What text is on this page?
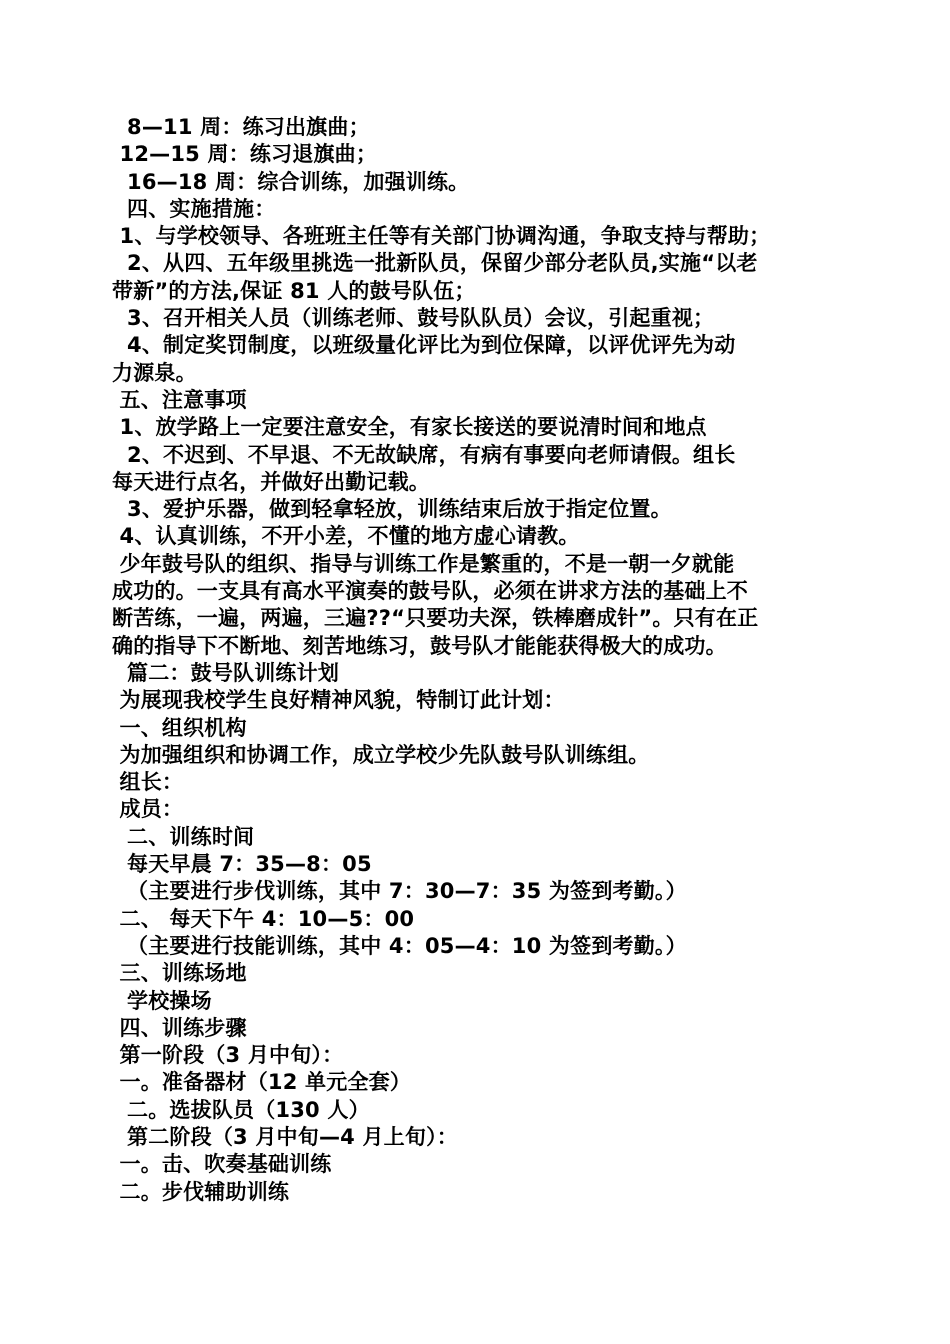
8—11 周：练习出旗曲；
12—15 周：练习退旗曲；
16—18 周：综合训练，加强训练。
四、实施措施：
1、与学校领导、各班班主任等有关部门协调沟通，争取支持与帮助；
2、从四、五年级里挑选一批新队员，保留少部分老队员,实施“以老
带新”的方法,保证 81 人的鼓号队伍；
3、召开相关人员（训练老师、鼓号队队员）会议，引起重视；
4、制定奖罚制度，以班级量化评比为到位保障，以评优评先为动
力源泉。
五、注意事项
1、放学路上一定要注意安全，有家长接送的要说清时间和地点
2、不迟到、不早退、不无故缺席，有病有事要向老师请假。组长
每天进行点名，并做好出勤记载。
3、爱护乐器，做到轻拿轻放，训练结束后放于指定位置。
4、认真训练，不开小差，不懂的地方虚心请教。
少年鼓号队的组织、指导与训练工作是繁重的，不是一朝一夕就能
成功的。一支具有高水平演奏的鼓号队，必须在讲求方法的基础上不
断苦练，一遍，两遍，三遍??“只要功夫深，铁棒磨成针”。只有在正
确的指导下不断地、刻苦地练习，鼓号队才能能获得极大的成功。
篇二：鼓号队训练计划
为展现我校学生良好精神风貌，特制订此计划：
一、组织机构
为加强组织和协调工作，成立学校少先队鼓号队训练组。
组长：
成员：
二、训练时间
每天早晨 7：35—8：05
（主要进行步伐训练，其中 7：30—7：35 为签到考勤。）
二、 每天下午 4：10—5：00
（主要进行技能训练，其中 4：05—4：10 为签到考勤。）
三、训练场地
学校操场
四、训练步骤
第一阶段（3 月中旬）：
一。准备器材（12 单元全套）
二。选拔队员（130 人）
第二阶段（3 月中旬—4 月上旬）：
一。击、吹奏基础训练
二。步伐辅助训练
